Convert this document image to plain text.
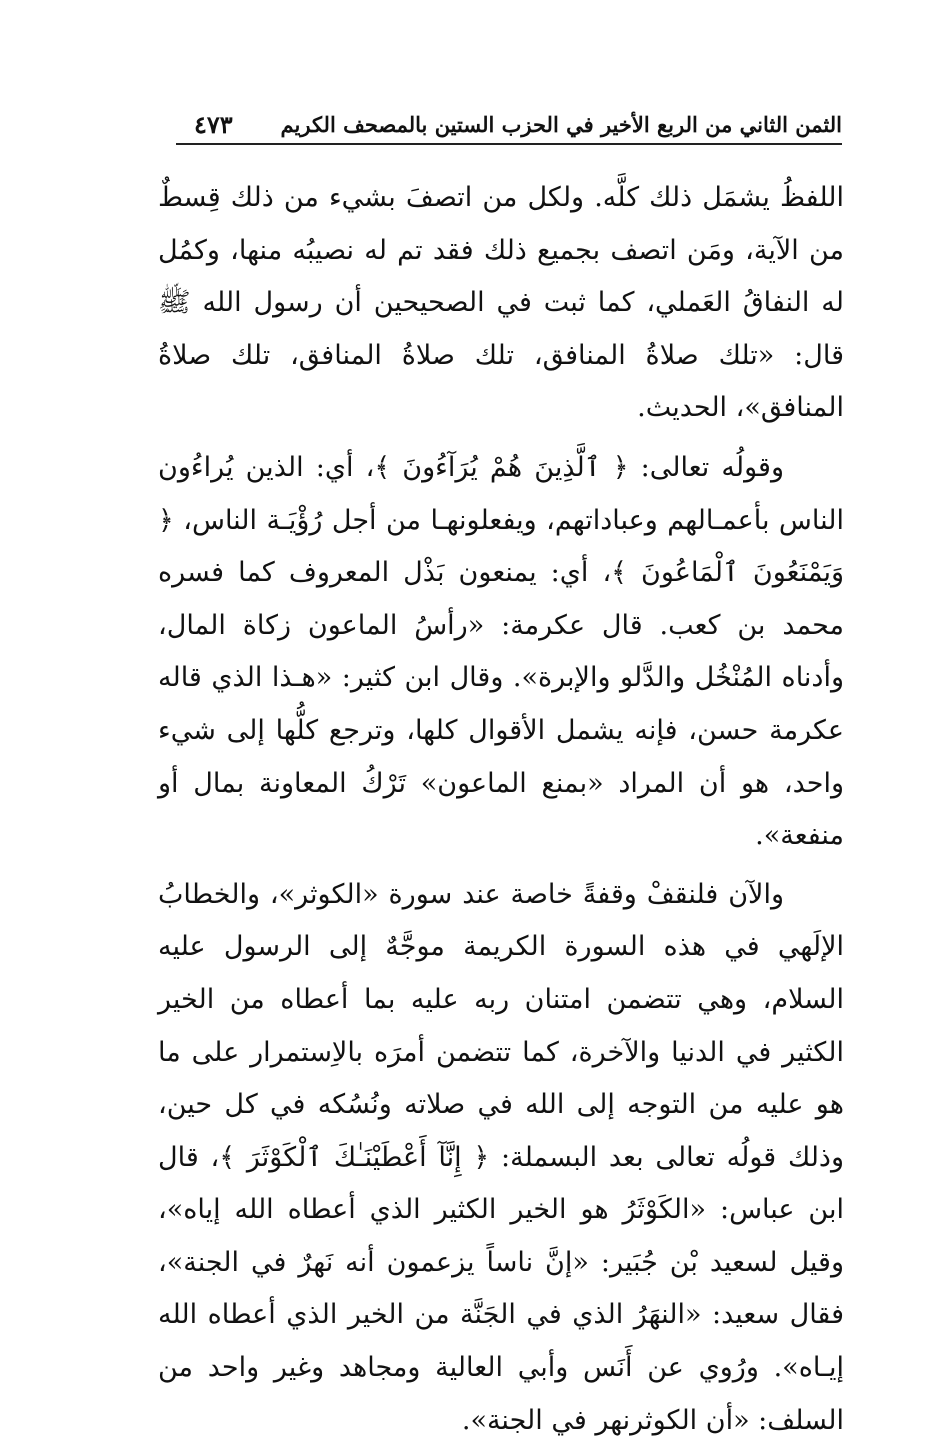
الثمن الثاني من الربع الأخير في الحزب الستين بالمصحف الكريم
٤٧٣

اللفظُ يشمَل ذلك كلَّه. ولكل من اتصفَ بشيء من ذلك قِسطٌ من الآية، ومَن اتصف بجميع ذلك فقد تم له نصيبُه منها، وكمُل له النفاقُ العَملي، كما ثبت في الصحيحين أن رسول الله ﷺ قال: «تلك صلاةُ المنافق، تلك صلاةُ المنافق، تلك صلاةُ المنافق»، الحديث.

وقولُه تعالى: ﴿ ٱلَّذِينَ هُمْ يُرَآءُونَ ﴾، أي: الذين يُراءُون الناس بأعمـالهم وعباداتهم، ويفعلونهـا من أجل رُؤْيَـة الناس، ﴿ وَيَمْنَعُونَ ٱلْمَاعُونَ ﴾، أي: يمنعون بَذْل المعروف كما فسره محمد بن كعب. قال عكرمة: «رأسُ الماعون زكاة المال، وأدناه المُنْخُل والدَّلو والإبرة». وقال ابن كثير: «هـذا الذي قاله عكرمة حسن، فإنه يشمل الأقوال كلها، وترجع كلُّها إلى شيء واحد، هو أن المراد «بمنع الماعون» تَرْكُ المعاونة بمال أو منفعة».

والآن فلنقفْ وقفةً خاصة عند سورة «الكوثر»، والخطابُ الإلَهي في هذه السورة الكريمة موجَّهٌ إلى الرسول عليه السلام، وهي تتضمن امتنان ربه عليه بما أعطاه من الخير الكثير في الدنيا والآخرة، كما تتضمن أمرَه بالاِستمرار على ما هو عليه من التوجه إلى الله في صلاته ونُسُكه في كل حين، وذلك قولُه تعالى بعد البسملة: ﴿ إِنَّآ أَعْطَيْنَـٰكَ ٱلْكَوْثَرَ ﴾، قال ابن عباس: «الكَوْثَرُ هو الخير الكثير الذي أعطاه الله إياه»، وقيل لسعيد بْن جُبَير: «إنَّ ناساً يزعمون أنه نَهرٌ في الجنة»، فقال سعيد: «النهَرُ الذي في الجَنَّة من الخير الذي أعطاه الله إيـاه». ورُوي عن أَنَس وأبي العالية ومجاهد وغير واحد من السلف: «أن الكوثرنهر في الجنة».
